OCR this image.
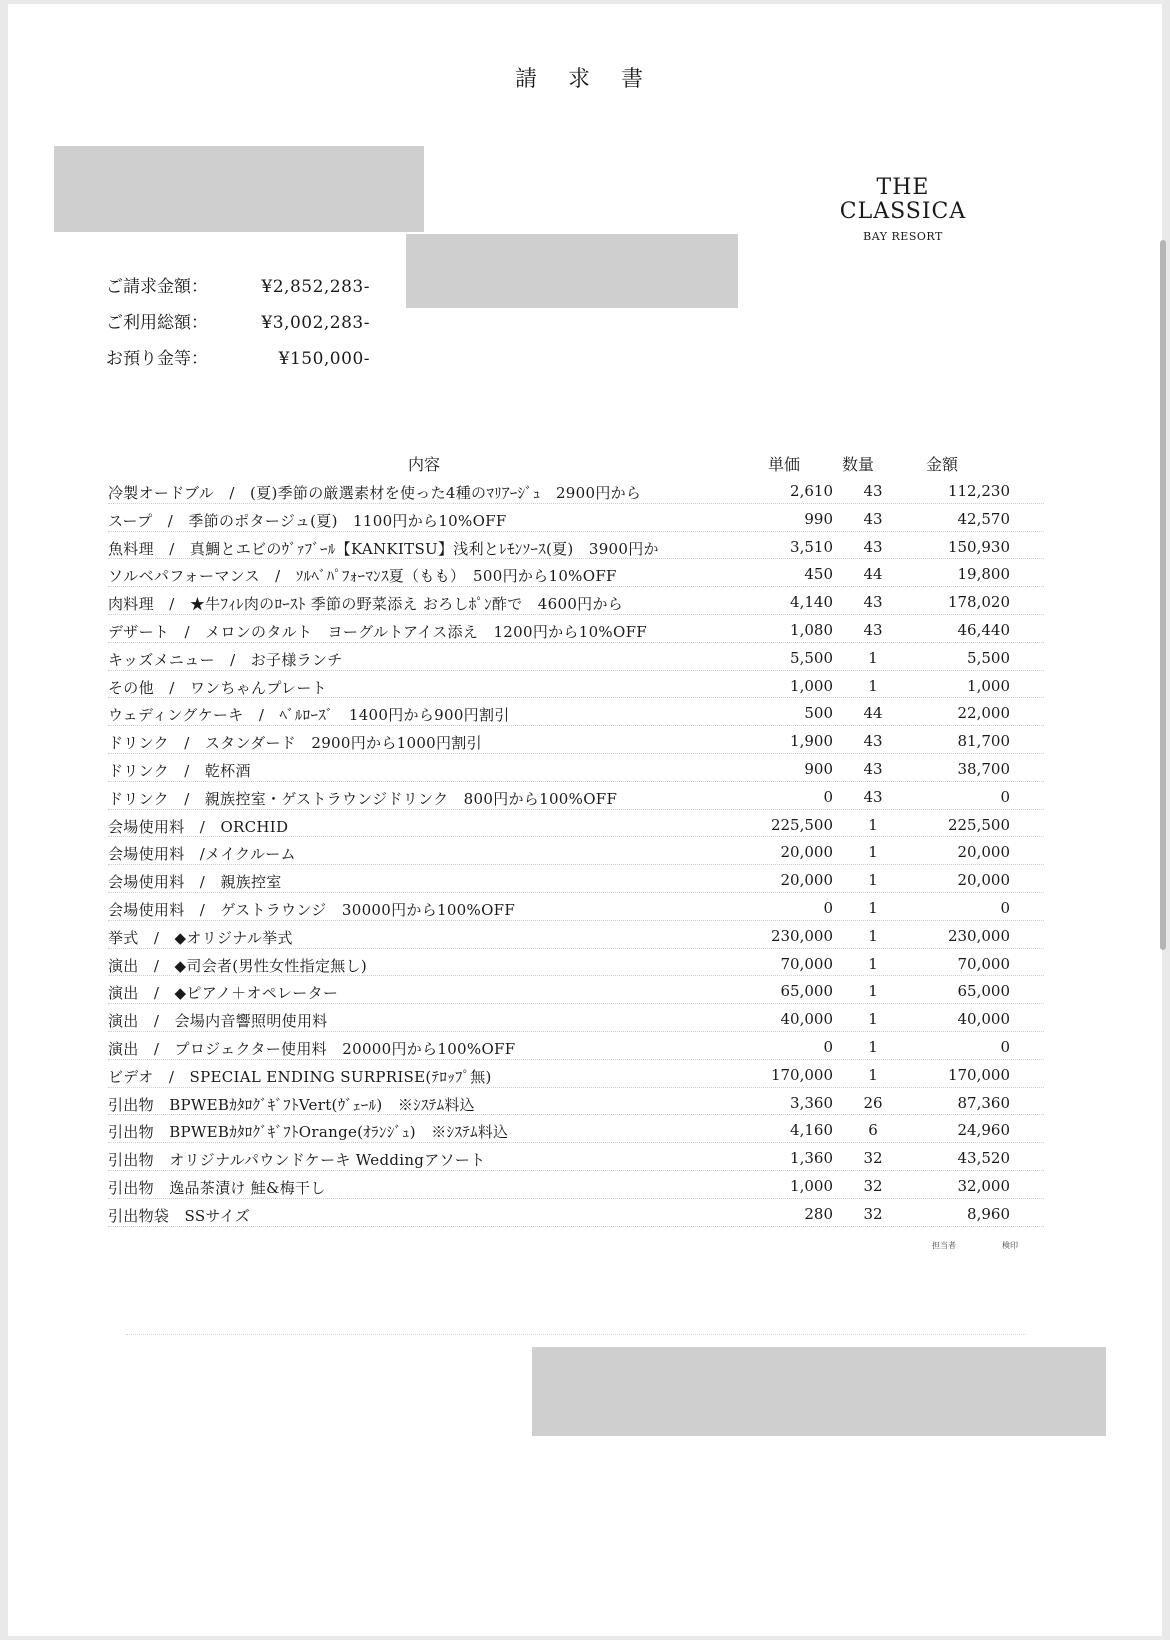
請 求 書
THE
CLASSICA
BAY RESORT
ご請求金額：	¥2,852,283-
ご利用総額：	¥3,002,283-
お預り金等：	¥150,000-
内容	単価	数量	金額
冷製オードブル　/　(夏)季節の厳選素材を使った4種のﾏﾘｱｰｼﾞｭ　2900円から	2,610	43	112,230
スープ　/　季節のポタージュ(夏)　1100円から10%OFF	990	43	42,570
魚料理　/　真鯛とエビのｳﾞｧﾌﾞｰﾙ【KANKITSU】浅利とﾚﾓﾝｿｰｽ(夏)　3900円か	3,510	43	150,930
ソルベパフォーマンス　/　ｿﾙﾍﾞﾊﾟﾌｫｰﾏﾝｽ夏（もも）　500円から10%OFF	450	44	19,800
肉料理　/　★牛ﾌｨﾚ肉のﾛｰｽﾄ 季節の野菜添え おろしﾎﾟﾝ酢で　4600円から	4,140	43	178,020
デザート　/　メロンのタルト　ヨーグルトアイス添え　1200円から10%OFF	1,080	43	46,440
キッズメニュー　/　お子様ランチ	5,500	1	5,500
その他　/　ワンちゃんプレート	1,000	1	1,000
ウェディングケーキ　/　ﾍﾞﾙﾛｰｽﾞ　1400円から900円割引	500	44	22,000
ドリンク　/　スタンダード　2900円から1000円割引	1,900	43	81,700
ドリンク　/　乾杯酒	900	43	38,700
ドリンク　/　親族控室・ゲストラウンジドリンク　800円から100%OFF	0	43	0
会場使用料　/　ORCHID	225,500	1	225,500
会場使用料　/メイクルーム	20,000	1	20,000
会場使用料　/　親族控室	20,000	1	20,000
会場使用料　/　ゲストラウンジ　30000円から100%OFF	0	1	0
挙式　/　◆オリジナル挙式	230,000	1	230,000
演出　/　◆司会者(男性女性指定無し)	70,000	1	70,000
演出　/　◆ピアノ＋オペレーター	65,000	1	65,000
演出　/　会場内音響照明使用料	40,000	1	40,000
演出　/　プロジェクター使用料　20000円から100%OFF	0	1	0
ビデオ　/　SPECIAL ENDING SURPRISE(ﾃﾛｯﾌﾟ無)	170,000	1	170,000
引出物　BPWEBｶﾀﾛｸﾞｷﾞﾌﾄVert(ｳﾞｪｰﾙ)　※ｼｽﾃﾑ料込	3,360	26	87,360
引出物　BPWEBｶﾀﾛｸﾞｷﾞﾌﾄOrange(ｵﾗﾝｼﾞｭ)　※ｼｽﾃﾑ料込	4,160	6	24,960
引出物　オリジナルパウンドケーキ Weddingアソート	1,360	32	43,520
引出物　逸品茶漬け 鮭&梅干し	1,000	32	32,000
引出物袋　SSサイズ	280	32	8,960
担当者	検印
